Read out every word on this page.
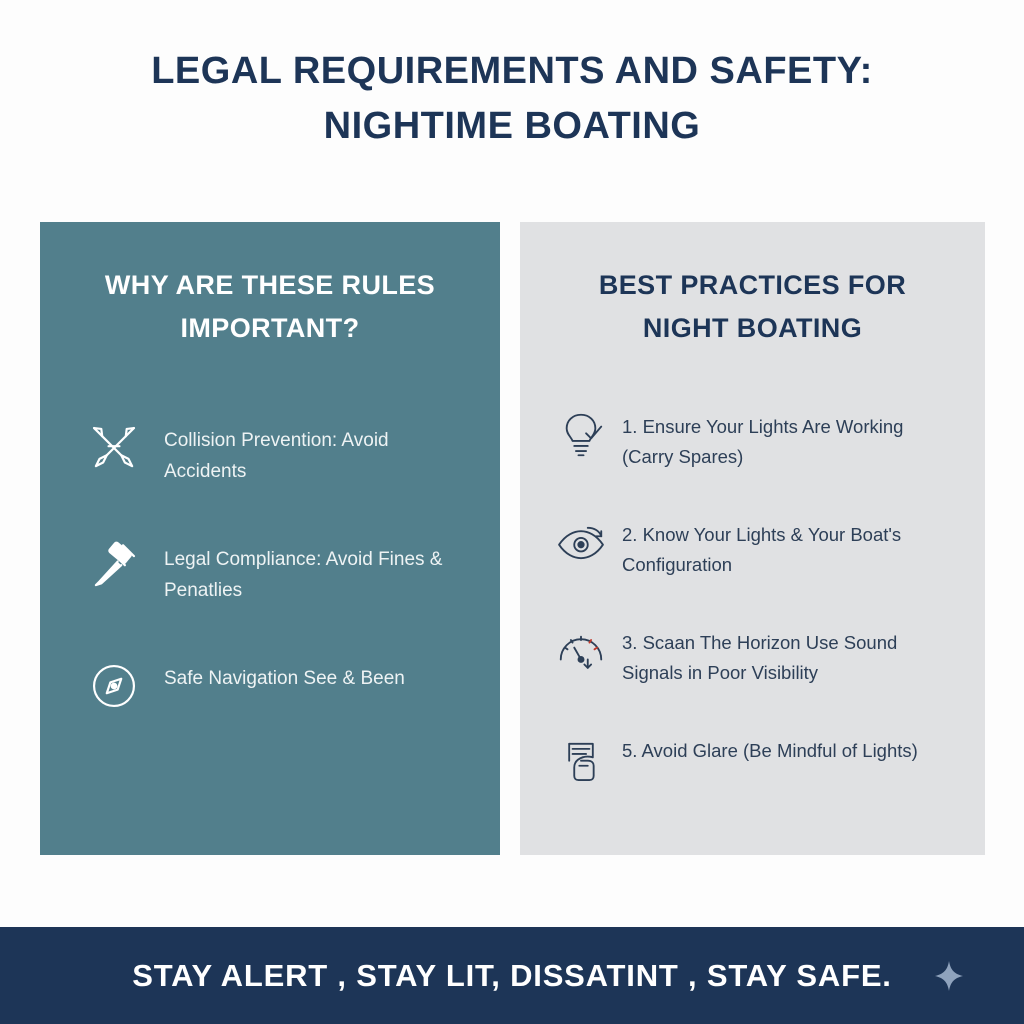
LEGAL REQUIREMENTS AND SAFETY:
NIGHTIME BOATING
WHY ARE THESE RULES IMPORTANT?
Collision Prevention: Avoid Accidents
Legal Compliance: Avoid Fines & Penatlies
Safe Navigation See & Been
BEST PRACTICES FOR NIGHT BOATING
1. Ensure Your Lights Are Working (Carry Spares)
2. Know Your Lights & Your Boat's Configuration
3. Scaan The Horizon Use Sound Signals in Poor Visibility
5. Avoid Glare (Be Mindful of Lights)
STAY ALERT , STAY LIT, DISSATINT , STAY SAFE.
